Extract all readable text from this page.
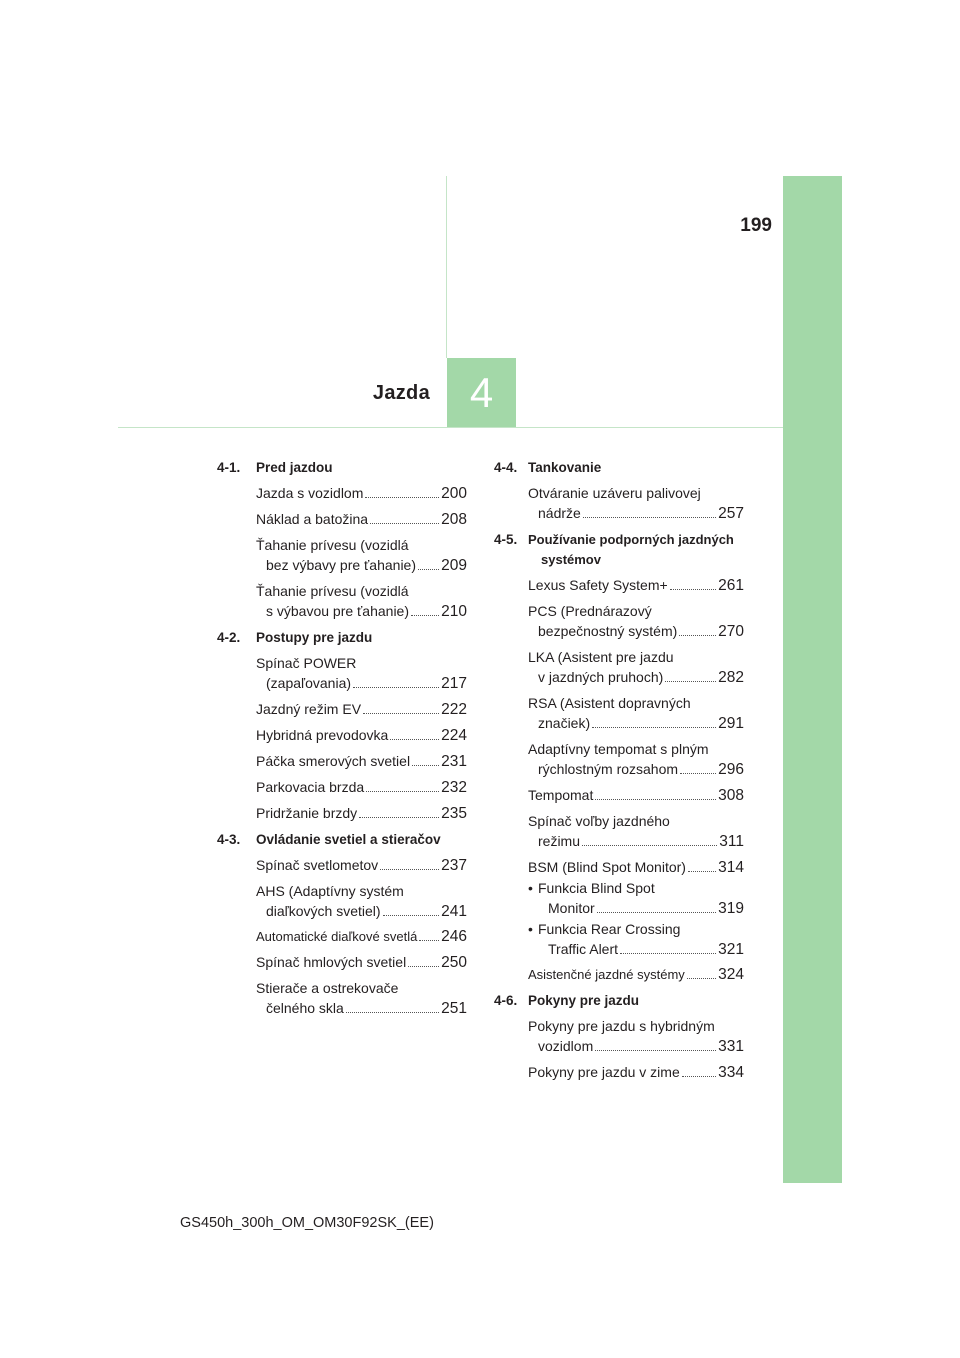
199
Jazda 4
4-1.	Pred jazdou
Jazda s vozidlom	200
Náklad a batožina	208
Ťahanie prívesu (vozidlá
bez výbavy pre ťahanie) 209
Ťahanie prívesu (vozidlá
s výbavou pre ťahanie) 210
4-2.	Postupy pre jazdu
Spínač POWER
(zapaľovania)	217
Jazdný režim EV	222
Hybridná prevodovka	224
Páčka smerových svetiel 231
Parkovacia brzda	232
Pridržanie brzdy	235
4-3.	Ovládanie svetiel a stieračov
Spínač svetlometov	237
AHS (Adaptívny systém
diaľkových svetiel)	241
Automatické diaľkové svetlá 246
Spínač hmlových svetiel 250
Stierače a ostrekovače
čelného skla	251
4-4. Tankovanie
Otváranie uzáveru palivovej
nádrže	257
4-5. Používanie podporných jazdných
systémov
Lexus Safety System+	261
PCS (Prednárazový
bezpečnostný systém)	270
LKA (Asistent pre jazdu
v jazdných pruhoch)	282
RSA (Asistent dopravných
značiek)	291
Adaptívny tempomat s plným
rýchlostným rozsahom	296
Tempomat	308
Spínač voľby jazdného
režimu	311
BSM (Blind Spot Monitor) 314
• Funkcia Blind Spot
Monitor	319
• Funkcia Rear Crossing
Traffic Alert	321
Asistenčné jazdné systémy 324
4-6. Pokyny pre jazdu
Pokyny pre jazdu s hybridným
vozidlom	331
Pokyny pre jazdu v zime 334
GS450h_300h_OM_OM30F92SK_(EE)
